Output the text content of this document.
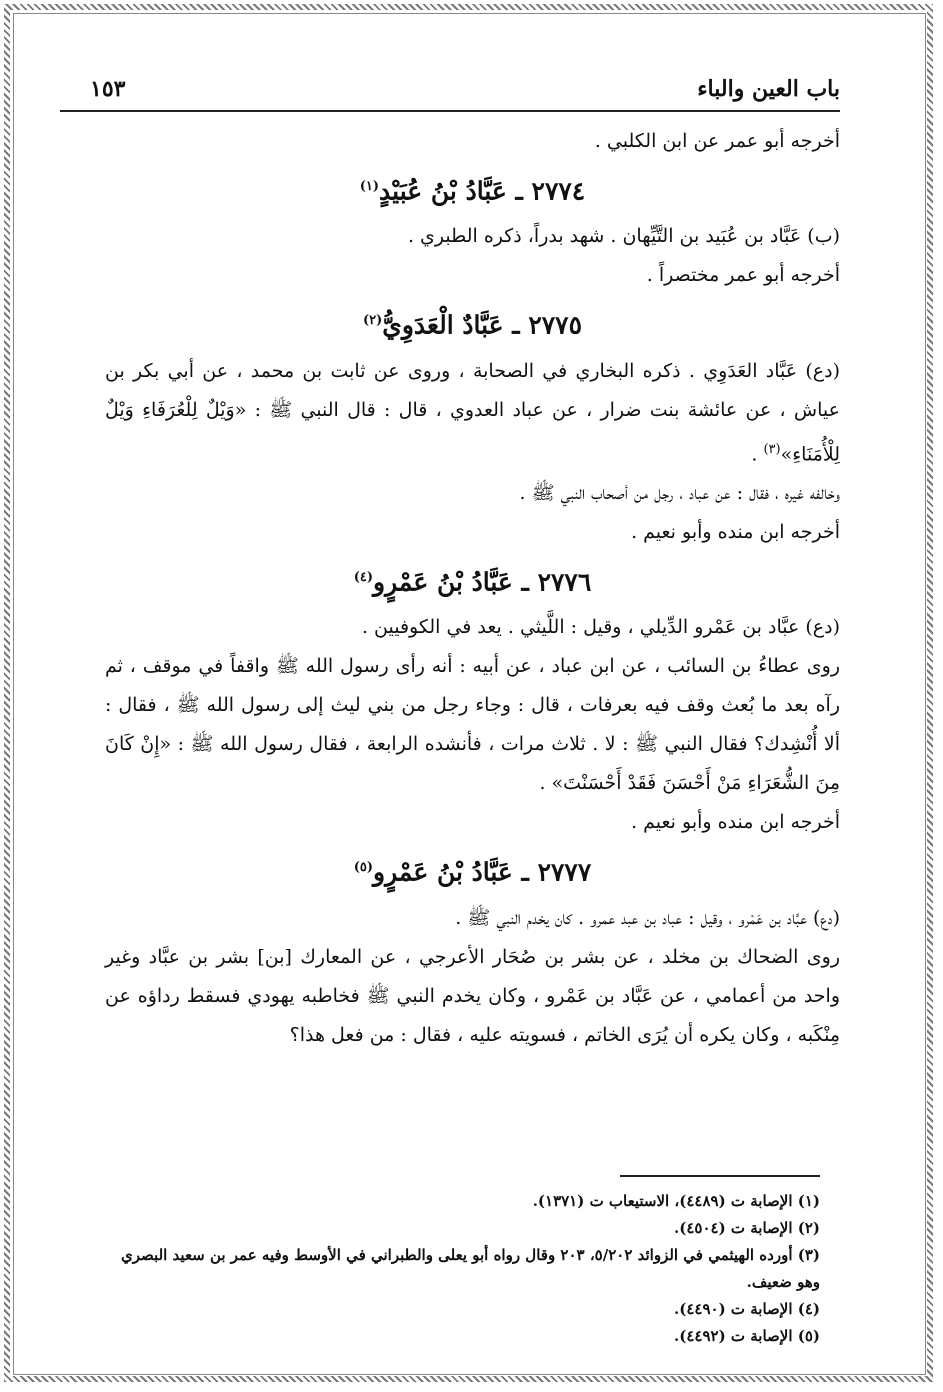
باب العين والباء
١٥٣

أخرجه أبو عمر عن ابن الكلبي .

٢٧٧٤ ـ عَبَّادُ بْنُ عُبَيْدٍ$^{(١)}$

(ب) عَبَّاد بن عُبَيد بن التَّيِّهان . شهد بدراً، ذكره الطبري .

أخرجه أبو عمر مختصراً .

٢٧٧٥ ـ عَبَّادٌ الْعَدَوِيُّ$^{(٢)}$

(دع) عَبَّاد العَدَوِي . ذكره البخاري في الصحابة ، وروى عن ثابت بن محمد ، عن أبي بكر بن عياش ، عن عائشة بنت ضرار ، عن عباد العدوي ، قال : قال النبي ﷺ : «وَيْلٌ لِلْعُرَفَاءِ وَيْلٌ لِلْأُمَنَاءِ»$^{(٣)}$ .

وخالفه غيره ، فقال : عن عباد ، رجل من أصحاب النبي ﷺ .

أخرجه ابن منده وأبو نعيم .

٢٧٧٦ ـ عَبَّادُ بْنُ عَمْرٍو$^{(٤)}$

(دع) عبَّاد بن عَمْرو الدِّيلي ، وقيل : اللَّيثي . يعد في الكوفيين .

روى عطاءُ بن السائب ، عن ابن عباد ، عن أبيه : أنه رأى رسول الله ﷺ واقفاً في موقف ، ثم رآه بعد ما بُعث وقف فيه بعرفات ، قال : وجاء رجل من بني ليث إلى رسول الله ﷺ ، فقال : ألا أُنْشِدك؟ فقال النبي ﷺ : لا . ثلاث مرات ، فأنشده الرابعة ، فقال رسول الله ﷺ : «إِنْ كَانَ مِنَ الشُّعَرَاءِ مَنْ أَحْسَنَ فَقَدْ أَحْسَنْتَ» .

أخرجه ابن منده وأبو نعيم .

٢٧٧٧ ـ عَبَّادُ بْنُ عَمْرٍو$^{(٥)}$

(دع) عبَّاد بن عَمْرو ، وقيل : عباد بن عبد عمرو . كان يخدم النبي ﷺ .

روى الضحاك بن مخلد ، عن بشر بن صُحَار الأعرجي ، عن المعارك [بن] بشر بن عبَّاد وغير واحد من أعمامي ، عن عَبَّاد بن عَمْرو ، وكان يخدم النبي ﷺ فخاطبه يهودي فسقط رداؤه عن مِنْكَبه ، وكان يكره أن يُرَى الخاتم ، فسويته عليه ، فقال : من فعل هذا؟

(١) الإصابة ت (٤٤٨٩)، الاستيعاب ت (١٣٧١).

(٢) الإصابة ت (٤٥٠٤).

(٣) أورده الهيثمي في الزوائد ٥/٢٠٢، ٢٠٣ وقال رواه أبو يعلى والطبراني في الأوسط وفيه عمر بن سعيد البصري وهو ضعيف.

(٤) الإصابة ت (٤٤٩٠).

(٥) الإصابة ت (٤٤٩٢).
